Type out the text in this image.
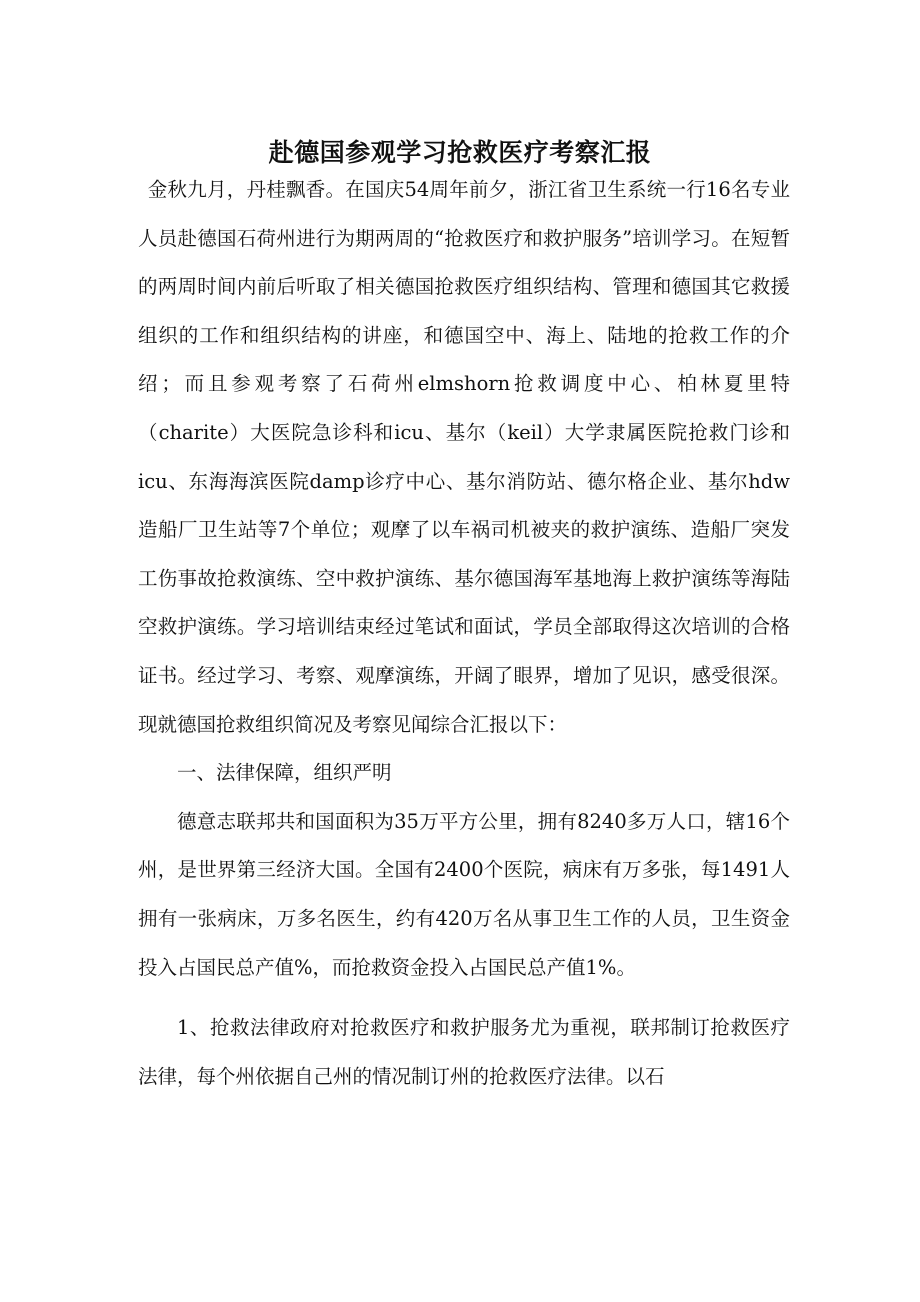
赴德国参观学习抢救医疗考察汇报

金秋九月，丹桂飘香。在国庆54周年前夕，浙江省卫生系统一行16名专业人员赴德国石荷州进行为期两周的“抢救医疗和救护服务”培训学习。在短暂的两周时间内前后听取了相关德国抢救医疗组织结构、管理和德国其它救援组织的工作和组织结构的讲座，和德国空中、海上、陆地的抢救工作的介绍；而且参观考察了石荷州elmshorn抢救调度中心、柏林夏里特（charite）大医院急诊科和icu、基尔（keil）大学隶属医院抢救门诊和icu、东海海滨医院damp诊疗中心、基尔消防站、德尔格企业、基尔hdw造船厂卫生站等7个单位；观摩了以车祸司机被夹的救护演练、造船厂突发工伤事故抢救演练、空中救护演练、基尔德国海军基地海上救护演练等海陆空救护演练。学习培训结束经过笔试和面试，学员全部取得这次培训的合格证书。经过学习、考察、观摩演练，开阔了眼界，增加了见识，感受很深。现就德国抢救组织简况及考察见闻综合汇报以下：

一、法律保障，组织严明

德意志联邦共和国面积为35万平方公里，拥有8240多万人口，辖16个州，是世界第三经济大国。全国有2400个医院，病床有万多张，每1491人拥有一张病床，万多名医生，约有420万名从事卫生工作的人员，卫生资金投入占国民总产值%，而抢救资金投入占国民总产值1%。

1、抢救法律政府对抢救医疗和救护服务尤为重视，联邦制订抢救医疗法律，每个州依据自己州的情况制订州的抢救医疗法律。以石
